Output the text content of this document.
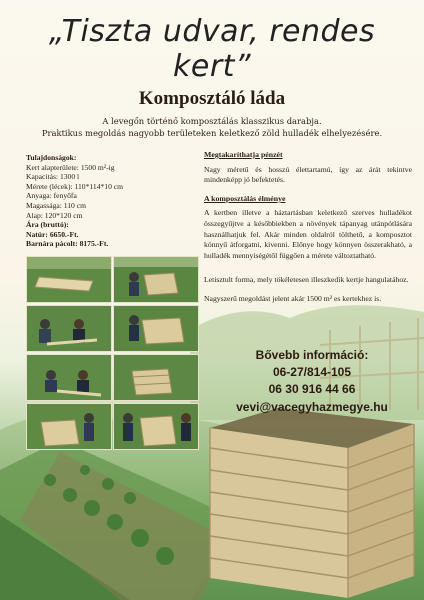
„Tiszta udvar, rendes kert”
Komposztáló láda
A levegőn történő komposztálás klasszikus darabja.
Praktikus megoldás nagyobb területeken keletkező zöld hulladék elhelyezésére.
Tulajdonságok:
Kert alapterülete: 1500 m²-ig
Kapacitás: 1300 l
Mérete (lécek): 110*114*10 cm
Anyaga: fenyőfa
Magassága: 110 cm
Alap: 120*120 cm
Ára (bruttó):
Natúr: 6650.-Ft.
Barnára pácolt: 8175.-Ft.
Megtakaríthatja pénzét

Nagy méretű és hosszú élettartamú, így az árát tekintve mindenképp jó befektetés.

A komposztálás élménye

A kertben illetve a háztartásban keletkező szerves hulladékot összegyűjtve a későbbiekben a növények tápanyag utánpótlására használhatjuk fel. Akár minden oldalról tölthető, a komposztot könnyű átforgatni, kivenni. Előnye hogy könnyen összerakható, a hulladék mennyiségétől függően a mérete változtatható.

Letisztult forma, mely tökéletesen illeszkedik kertje hangulatához.

Nagyszerű megoldást jelent akár 1500 m² es kertekhez is.

Bővebb információ:
06-27/814-105
06 30 916 44 66
vevi@vacegyhazmegye.hu
